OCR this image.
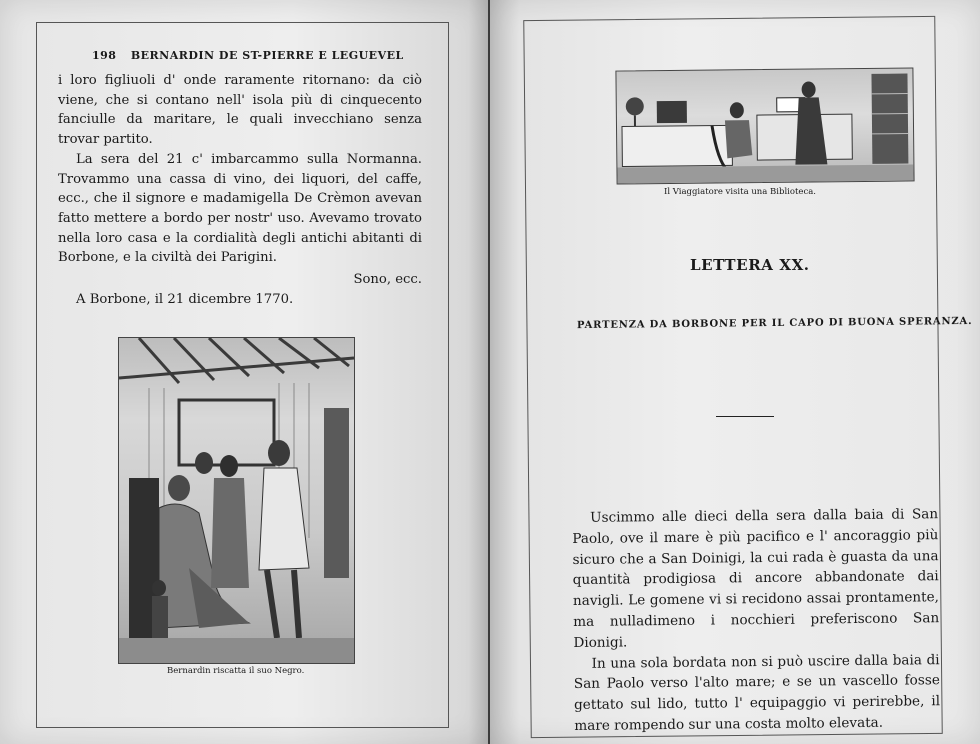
198 BERNARDIN DE ST-PIERRE E LEGUEVEL

i loro figliuoli d' onde raramente ritornano: da ciò viene, che si contano nell' isola più di cinquecento fanciulle da maritare, le quali invecchiano senza trovar partito.

La sera del 21 c' imbarcammo sulla Normanna. Trovammo una cassa di vino, dei liquori, del caffe, ecc., che il signore e madamigella De Crèmon avevan fatto mettere a bordo per nostr' uso. Avevamo trovato nella loro casa e la cordialità degli antichi abitanti di Borbone, e la civiltà dei Parigini.

Sono, ecc.

A Borbone, il 21 dicembre 1770.

Bernardin riscatta il suo Negro.
Il Viaggiatore visita una Biblioteca.
LETTERA XX.
PARTENZA DA BORBONE PER IL CAPO DI BUONA SPERANZA.

Uscimmo alle dieci della sera dalla baia di San Paolo, ove il mare è più pacifico e l' ancoraggio più sicuro che a San Doinigi, la cui rada è guasta da una quantità prodigiosa di ancore abbandonate dai navigli. Le gomene vi si recidono assai prontamente, ma nulladimeno i nocchieri preferiscono San Dionigi.

In una sola bordata non si può uscire dalla baia di San Paolo verso l'alto mare; e se un vascello fosse gettato sul lido, tutto l' equipaggio vi perirebbe, il mare rompendo sur una costa molto elevata.
